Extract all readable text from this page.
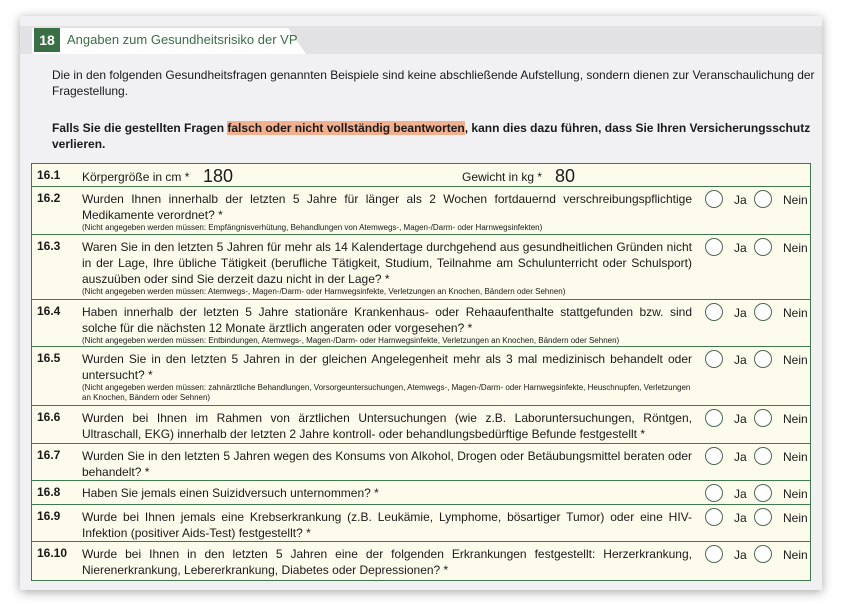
18 Angaben zum Gesundheitsrisiko der VP
Die in den folgenden Gesundheitsfragen genannten Beispiele sind keine abschließende Aufstellung, sondern dienen zur Veranschaulichung der Fragestellung.
Falls Sie die gestellten Fragen falsch oder nicht vollständig beantworten, kann dies dazu führen, dass Sie Ihren Versicherungsschutz verlieren.
16.1 Körpergröße in cm * 180	Gewicht in kg * 80
16.2 Wurden Ihnen innerhalb der letzten 5 Jahre für länger als 2 Wochen fortdauernd verschreibungspflichtige Medikamente verordnet? *
(Nicht angegeben werden müssen: Empfängnisverhütung, Behandlungen von Atemwegs-, Magen-/Darm- oder Harnwegsinfekten)
Ja	Nein
16.3 Waren Sie in den letzten 5 Jahren für mehr als 14 Kalendertage durchgehend aus gesundheitlichen Gründen nicht in der Lage, Ihre übliche Tätigkeit (berufliche Tätigkeit, Studium, Teilnahme am Schulunterricht oder Schulsport) auszuüben oder sind Sie derzeit dazu nicht in der Lage? *
(Nicht angegeben werden müssen: Atemwegs-, Magen-/Darm- oder Harnwegsinfekte, Verletzungen an Knochen, Bändern oder Sehnen)
Ja	Nein
16.4 Haben innerhalb der letzten 5 Jahre stationäre Krankenhaus- oder Rehaaufenthalte stattgefunden bzw. sind solche für die nächsten 12 Monate ärztlich angeraten oder vorgesehen? *
(Nicht angegeben werden müssen: Entbindungen, Atemwegs-, Magen-/Darm- oder Harnwegsinfekte, Verletzungen an Knochen, Bändern oder Sehnen)
Ja	Nein
16.5 Wurden Sie in den letzten 5 Jahren in der gleichen Angelegenheit mehr als 3 mal medizinisch behandelt oder untersucht? *
(Nicht angegeben werden müssen: zahnärztliche Behandlungen, Vorsorgeuntersuchungen, Atemwegs-, Magen-/Darm- oder Harnwegsinfekte, Heuschnupfen, Verletzungen an Knochen, Bändern oder Sehnen)
Ja	Nein
16.6 Wurden bei Ihnen im Rahmen von ärztlichen Untersuchungen (wie z.B. Laboruntersuchungen, Röntgen, Ultraschall, EKG) innerhalb der letzten 2 Jahre kontroll- oder behandlungsbedürftige Befunde festgestellt *
Ja	Nein
16.7 Wurden Sie in den letzten 5 Jahren wegen des Konsums von Alkohol, Drogen oder Betäubungsmittel beraten oder behandelt? *
Ja	Nein
16.8 Haben Sie jemals einen Suizidversuch unternommen? *	Ja	Nein
16.9 Wurde bei Ihnen jemals eine Krebserkrankung (z.B. Leukämie, Lymphome, bösartiger Tumor) oder eine HIV-Infektion (positiver Aids-Test) festgestellt? *
Ja	Nein
16.10 Wurde bei Ihnen in den letzten 5 Jahren eine der folgenden Erkrankungen festgestellt: Herzerkrankung, Nierenerkrankung, Lebererkrankung, Diabetes oder Depressionen? *
Ja	Nein
